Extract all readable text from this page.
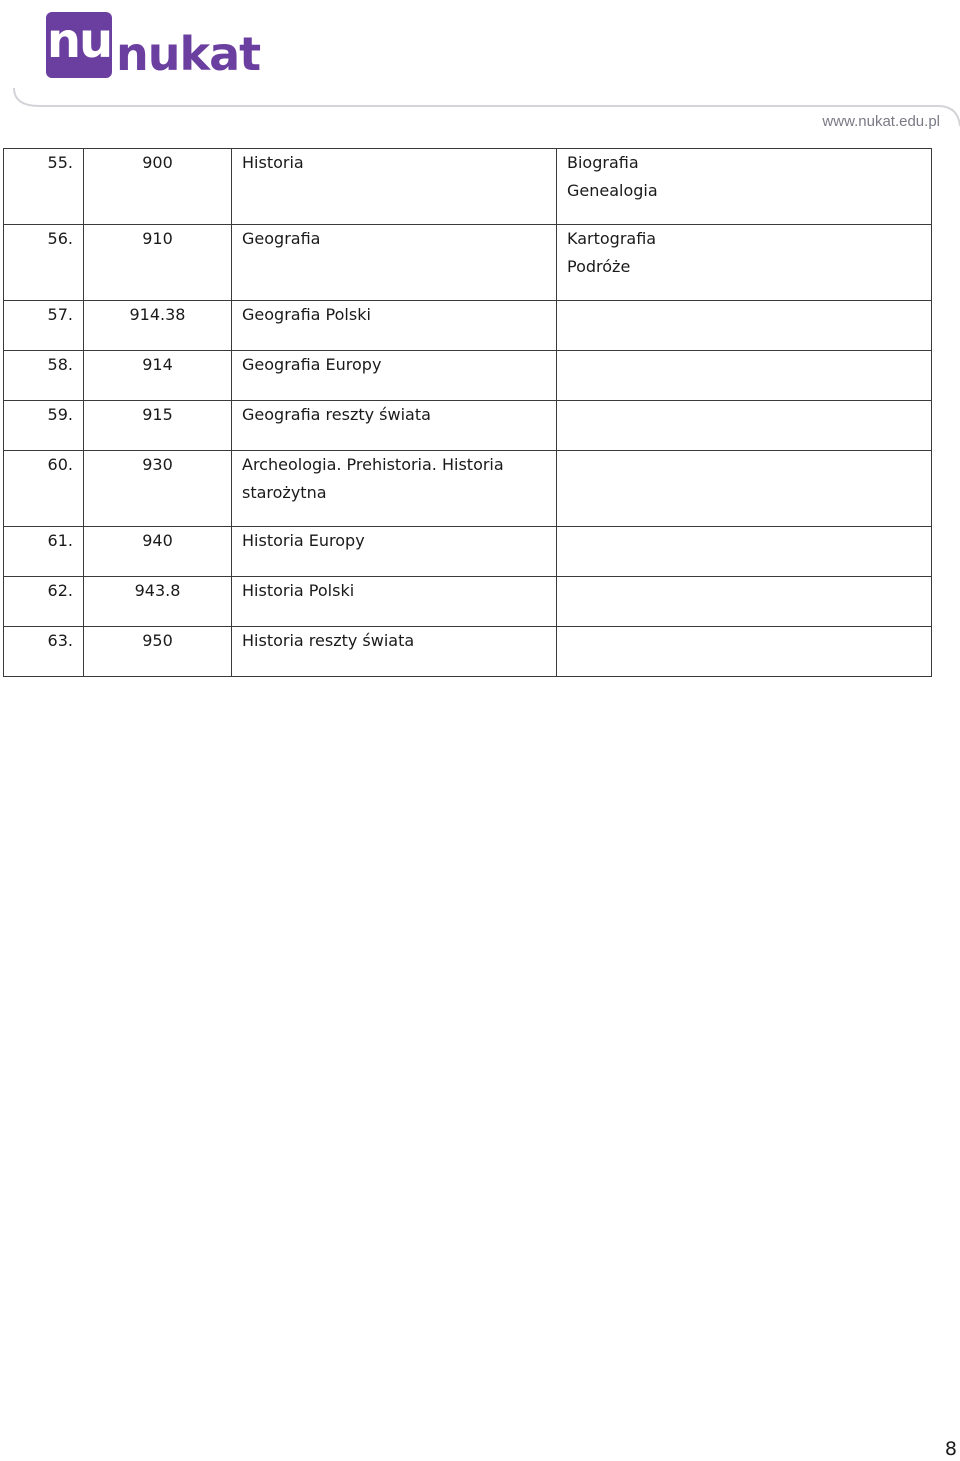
nu nukat
www.nukat.edu.pl
55.	900	Historia	Biografia
Genealogia

56.	910	Geografia	Kartografia
Podróże

57.	914.38	Geografia Polski	
58.	914	Geografia Europy	
59.	915	Geografia reszty świata	
60.	930	Archeologia. Prehistoria. Historia starożytna	
61.	940	Historia Europy	
62.	943.8	Historia Polski	
63.	950	Historia reszty świata	
8
